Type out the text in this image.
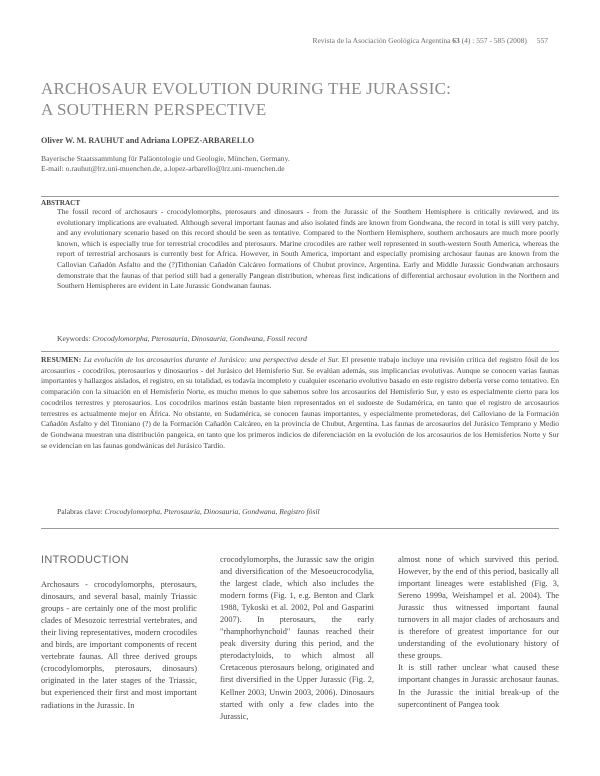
Revista de la Asociación Geológica Argentina 63 (4) : 557 - 585 (2008) 557
ARCHOSAUR EVOLUTION DURING THE JURASSIC:
A SOUTHERN PERSPECTIVE
Oliver W. M. RAUHUT and Adriana LOPEZ-ARBARELLO
Bayerische Staatssammlung für Paläontologie und Geologie, München, Germany.
E-mail: o.rauhut@lrz.uni-muenchen.de, a.lopez-arbarello@lrz.uni-muenchen.de
ABSTRACT
The fossil record of archosaurs - crocodylomorphs, pterosaurs and dinosaurs - from the Jurassic of the Southern Hemisphere is critically reviewed, and its evolutionary implications are evaluated. Although several important faunas and also isolated finds are known from Gondwana, the record in total is still very patchy, and any evolutionary scenario based on this record should be seen as tentative. Compared to the Northern Hemisphere, southern archosaurs are much more poorly known, which is especially true for terrestrial crocodiles and pterosaurs. Marine crocodiles are rather well represented in south-western South America, whereas the report of terrestrial archosaurs is currently best for Africa. However, in South America, important and especially promising archosaur faunas are known from the Callovian Cañadón Asfalto and the (?)Tithonian Cañadón Calcáreo formations of Chubut province, Argentina. Early and Middle Jurassic Gondwanan archosaurs demonstrate that the faunas of that period still had a generally Pangean distribution, whereas first indications of differential archosaur evolution in the Northern and Southern Hemispheres are evident in Late Jurassic Gondwanan faunas.
Keywords: Crocodylomorpha, Pterosauria, Dinosauria, Gondwana, Fossil record
RESUMEN: La evolución de los arcosaurios durante el Jurásico: una perspectiva desde el Sur. El presente trabajo incluye una revisión crítica del registro fósil de los arcosaurios - cocodrilos, pterosaurios y dinosaurios - del Jurásico del Hemisferio Sur. Se evalúan además, sus implicancias evolutivas. Aunque se conocen varias faunas importantes y hallazgos aislados, el registro, en su totalidad, es todavía incompleto y cualquier escenario evolutivo basado en este registro debería verse como tentativo. En comparación con la situación en el Hemisferio Norte, es mucho menos lo que sabemos sobre los arcosaurios del Hemisferio Sur, y esto es especialmente cierto para los cocodrilos terrestres y pterosaurios. Los cocodrilos marinos están bastante bien representados en el sudoeste de Sudamérica, en tanto que el registro de arcosaurios terrestres es actualmente mejor en África. No obstante, en Sudamérica, se conocen faunas importantes, y especialmente prometedoras, del Calloviano de la Formación Cañadón Asfalto y del Titoniano (?) de la Formación Cañadón Calcáreo, en la provincia de Chubut, Argentina. Las faunas de arcosaurios del Jurásico Temprano y Medio de Gondwana muestran una distribución pangeica, en tanto que los primeros indicios de diferenciación en la evolución de los arcosaurios de los Hemisferios Norte y Sur se evidencian en las faunas gondwánicas del Jurásico Tardío.
Palabras clave: Crocodylomorpha, Pterosauria, Dinosauria, Gondwana, Registro fósil
INTRODUCTION

Archosaurs - crocodylomorphs, pterosaurs, dinosaurs, and several basal, mainly Triassic groups - are certainly one of the most prolific clades of Mesozoic terrestrial vertebrates, and their living representatives, modern crocodiles and birds, are important components of recent vertebrate faunas. All three derived groups (crocodylomorphs, pterosaurs, dinosaurs) originated in the later stages of the Triassic, but experienced their first and most important radiations in the Jurassic. In

crocodylomorphs, the Jurassic saw the origin and diversification of the Mesoeucrocodylia, the largest clade, which also includes the modern forms (Fig. 1, e.g. Benton and Clark 1988, Tykoski et al. 2002, Pol and Gasparini 2007). In pterosaurs, the early "rhamphorhynchoid" faunas reached their peak diversity during this period, and the pterodactyloids, to which almost all Cretaceous pterosaurs belong, originated and first diversified in the Upper Jurassic (Fig. 2, Kellner 2003, Unwin 2003, 2006). Dinosaurs started with only a few clades into the Jurassic,

almost none of which survived this period. However, by the end of this period, basically all important lineages were established (Fig. 3, Sereno 1999a, Weishampel et al. 2004). The Jurassic thus witnessed important faunal turnovers in all major clades of archosaurs and is therefore of greatest importance for our understanding of the evolutionary history of these groups.

It is still rather unclear what caused these important changes in Jurassic archosaur faunas. In the Jurassic the initial break-up of the supercontinent of Pangea took
